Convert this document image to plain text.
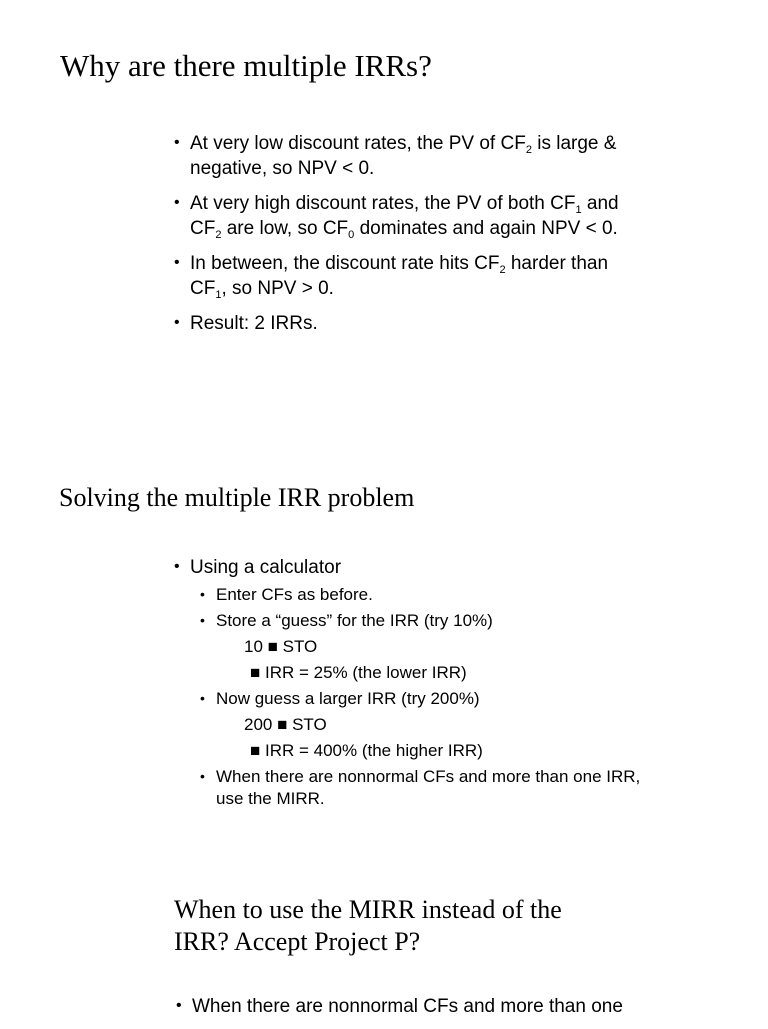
Why are there multiple IRRs?
• At very low discount rates, the PV of $CF_2$ is large & negative, so NPV < 0.
• At very high discount rates, the PV of both $CF_1$ and $CF_2$ are low, so $CF_0$ dominates and again NPV < 0.
• In between, the discount rate hits $CF_2$ harder than $CF_1$, so NPV > 0.
• Result: 2 IRRs.
Solving the multiple IRR problem
• Using a calculator
• Enter CFs as before.
• Store a “guess” for the IRR (try 10%)
10 ■ STO
■ IRR = 25% (the lower IRR)
• Now guess a larger IRR (try 200%)
200 ■ STO
■ IRR = 400% (the higher IRR)
• When there are nonnormal CFs and more than one IRR, use the MIRR.
When to use the MIRR instead of the
IRR? Accept Project P?
• When there are nonnormal CFs and more than one
